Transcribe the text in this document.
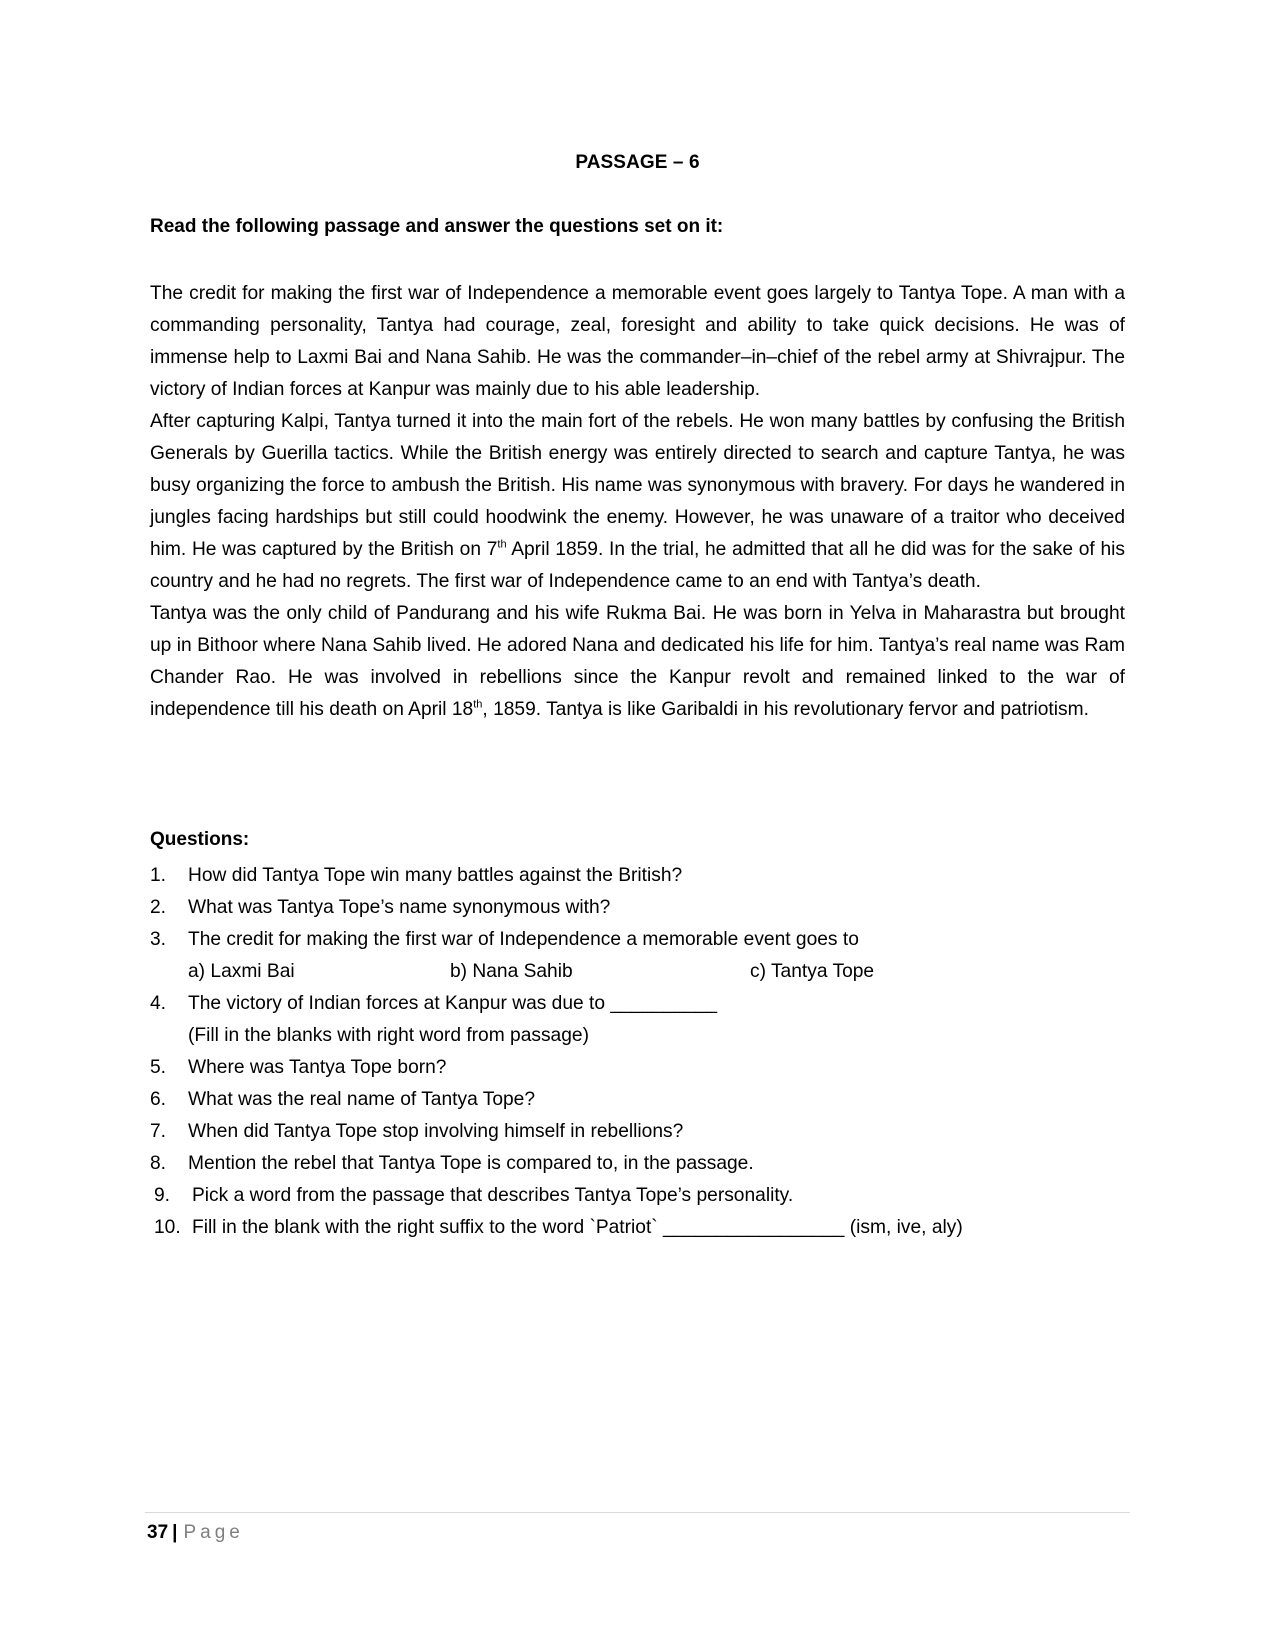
PASSAGE – 6
Read the following passage and answer the questions set on it:

The credit for making the first war of Independence a memorable event goes largely to Tantya Tope. A man with a commanding personality, Tantya had courage, zeal, foresight and ability to take quick decisions. He was of immense help to Laxmi Bai and Nana Sahib. He was the commander–in–chief of the rebel army at Shivrajpur. The victory of Indian forces at Kanpur was mainly due to his able leadership.

After capturing Kalpi, Tantya turned it into the main fort of the rebels. He won many battles by confusing the British Generals by Guerilla tactics. While the British energy was entirely directed to search and capture Tantya, he was busy organizing the force to ambush the British. His name was synonymous with bravery. For days he wandered in jungles facing hardships but still could hoodwink the enemy. However, he was unaware of a traitor who deceived him. He was captured by the British on 7th April 1859. In the trial, he admitted that all he did was for the sake of his country and he had no regrets. The first war of Independence came to an end with Tantya’s death.

Tantya was the only child of Pandurang and his wife Rukma Bai. He was born in Yelva in Maharastra but brought up in Bithoor where Nana Sahib lived. He adored Nana and dedicated his life for him. Tantya’s real name was Ram Chander Rao. He was involved in rebellions since the Kanpur revolt and remained linked to the war of independence till his death on April 18th, 1859. Tantya is like Garibaldi in his revolutionary fervor and patriotism.

Questions:
1. How did Tantya Tope win many battles against the British?
2. What was Tantya Tope’s name synonymous with?
3. The credit for making the first war of Independence a memorable event goes to
a) Laxmi Bai	b) Nana Sahib	c) Tantya Tope
4. The victory of Indian forces at Kanpur was due to __________
(Fill in the blanks with right word from passage)
5. Where was Tantya Tope born?
6. What was the real name of Tantya Tope?
7. When did Tantya Tope stop involving himself in rebellions?
8. Mention the rebel that Tantya Tope is compared to, in the passage.
9. Pick a word from the passage that describes Tantya Tope’s personality.
10. Fill in the blank with the right suffix to the word `Patriot` _________________ (ism, ive, aly)
37 | Page
